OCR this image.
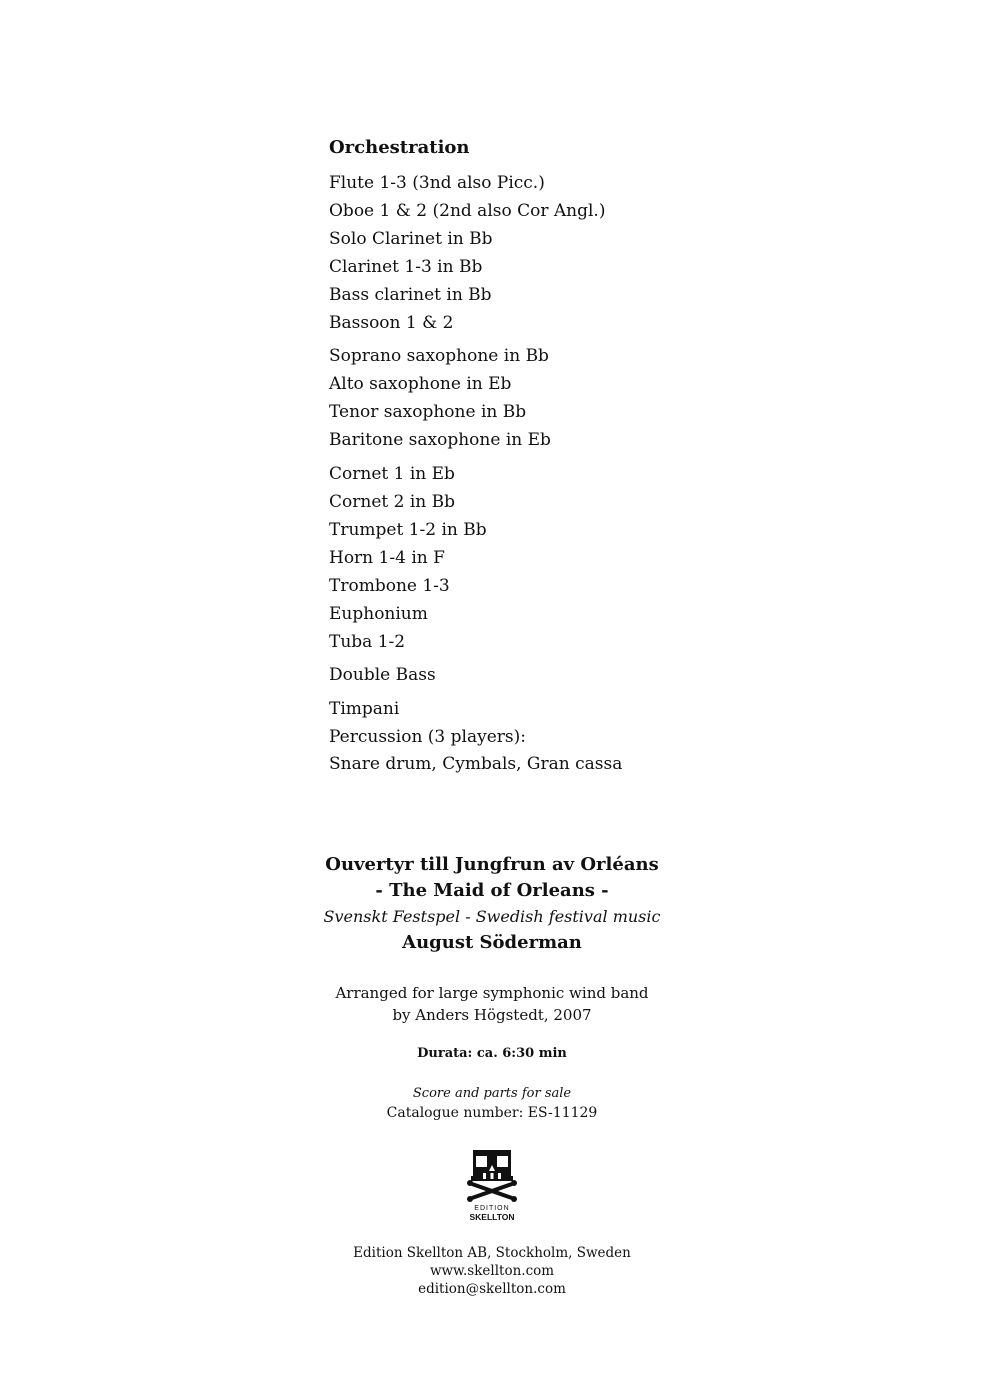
Orchestration
Flute 1-3 (3nd also Picc.)
Oboe 1 & 2 (2nd also Cor Angl.)
Solo Clarinet in Bb
Clarinet 1-3 in Bb
Bass clarinet in Bb
Bassoon 1 & 2
Soprano saxophone in Bb
Alto saxophone in Eb
Tenor saxophone in Bb
Baritone saxophone in Eb
Cornet 1 in Eb
Cornet 2 in Bb
Trumpet 1-2 in Bb
Horn 1-4 in F
Trombone 1-3
Euphonium
Tuba 1-2
Double Bass
Timpani
Percussion (3 players):
Snare drum, Cymbals, Gran cassa
Ouvertyr till Jungfrun av Orléans
- The Maid of Orleans -
Svenskt Festspel - Swedish festival music
August Söderman
Arranged for large symphonic wind band
by Anders Högstedt, 2007
Durata: ca. 6:30 min
Score and parts for sale
Catalogue number: ES-11129
EDITION
SKELLTON
Edition Skellton AB, Stockholm, Sweden
www.skellton.com
edition@skellton.com
